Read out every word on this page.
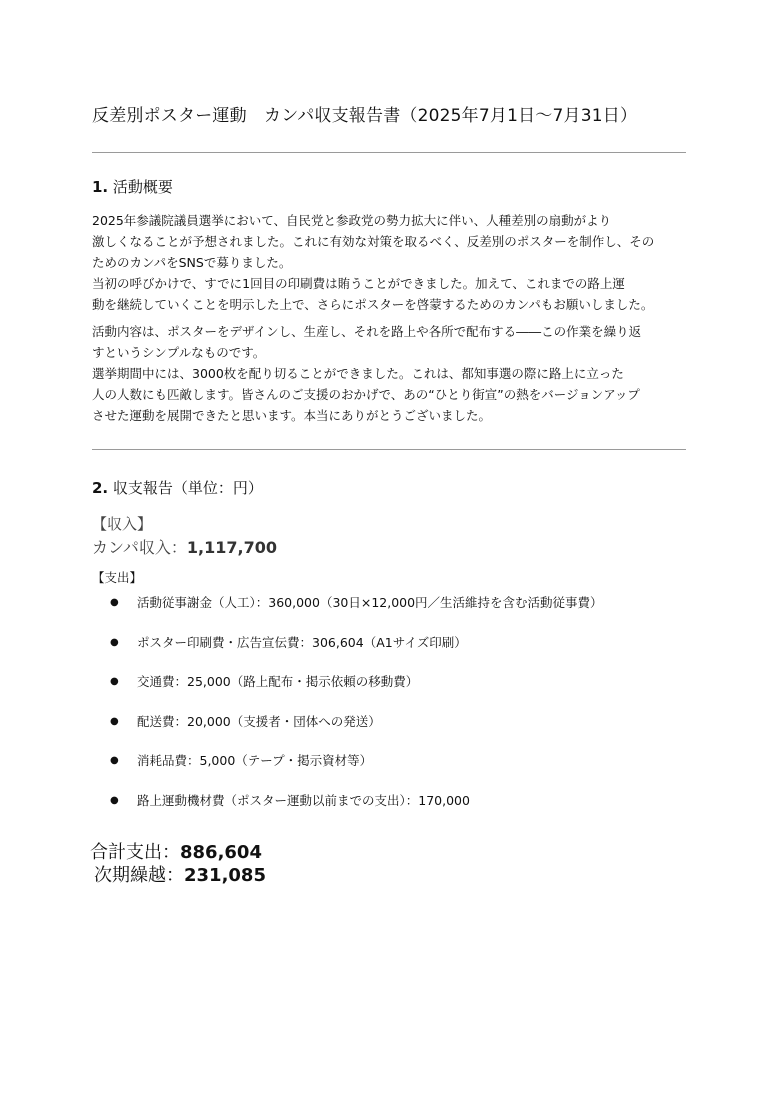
反差別ポスター運動　カンパ収支報告書（2025年7月1日～7月31日）
1. 活動概要
2025年参議院議員選挙において、自民党と参政党の勢力拡大に伴い、人種差別の扇動がより
激しくなることが予想されました。これに有効な対策を取るべく、反差別のポスターを制作し、その
ためのカンパをSNSで募りました。
当初の呼びかけで、すでに1回目の印刷費は賄うことができました。加えて、これまでの路上運
動を継続していくことを明示した上で、さらにポスターを啓蒙するためのカンパもお願いしました。
活動内容は、ポスターをデザインし、生産し、それを路上や各所で配布する――この作業を繰り返
すというシンプルなものです。
選挙期間中には、3000枚を配り切ることができました。これは、都知事選の際に路上に立った
人の人数にも匹敵します。皆さんのご支援のおかげで、あの“ひとり街宣”の熱をバージョンアップ
させた運動を展開できたと思います。本当にありがとうございました。
2. 収支報告（単位：円）
【収入】
カンパ収入：1,117,700
【支出】
●	活動従事謝金（人工）：360,000（30日×12,000円／生活維持を含む活動従事費）
●	ポスター印刷費・広告宣伝費：306,604（A1サイズ印刷）
●	交通費：25,000（路上配布・掲示依頼の移動費）
●	配送費：20,000（支援者・団体への発送）
●	消耗品費：5,000（テープ・掲示資材等）
●	路上運動機材費（ポスター運動以前までの支出）：170,000
合計支出：886,604
次期繰越：231,085
